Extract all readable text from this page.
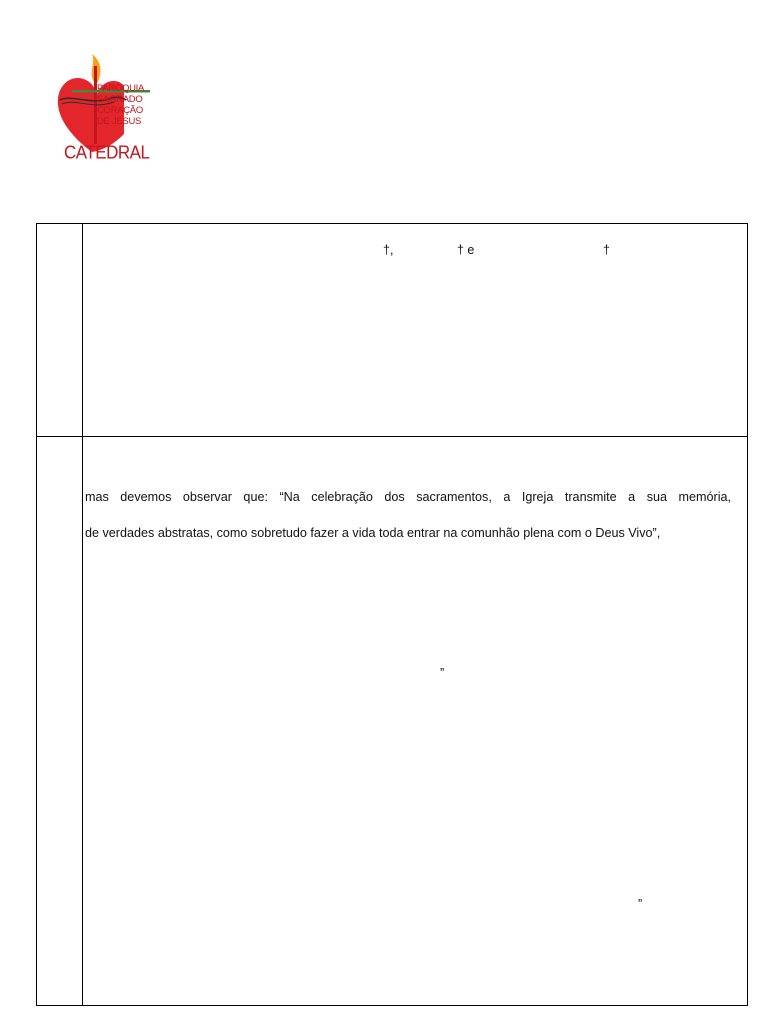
PARÓQUIA
SAGRADO
CORAÇÃO
DE JESUS
CATEDRAL
†,	† e	†
mas devemos observar que: “Na celebração dos sacramentos, a Igreja transmite a sua memória,
de verdades abstratas, como sobretudo fazer a vida toda entrar na comunhão plena com o Deus Vivo”,
”
”
